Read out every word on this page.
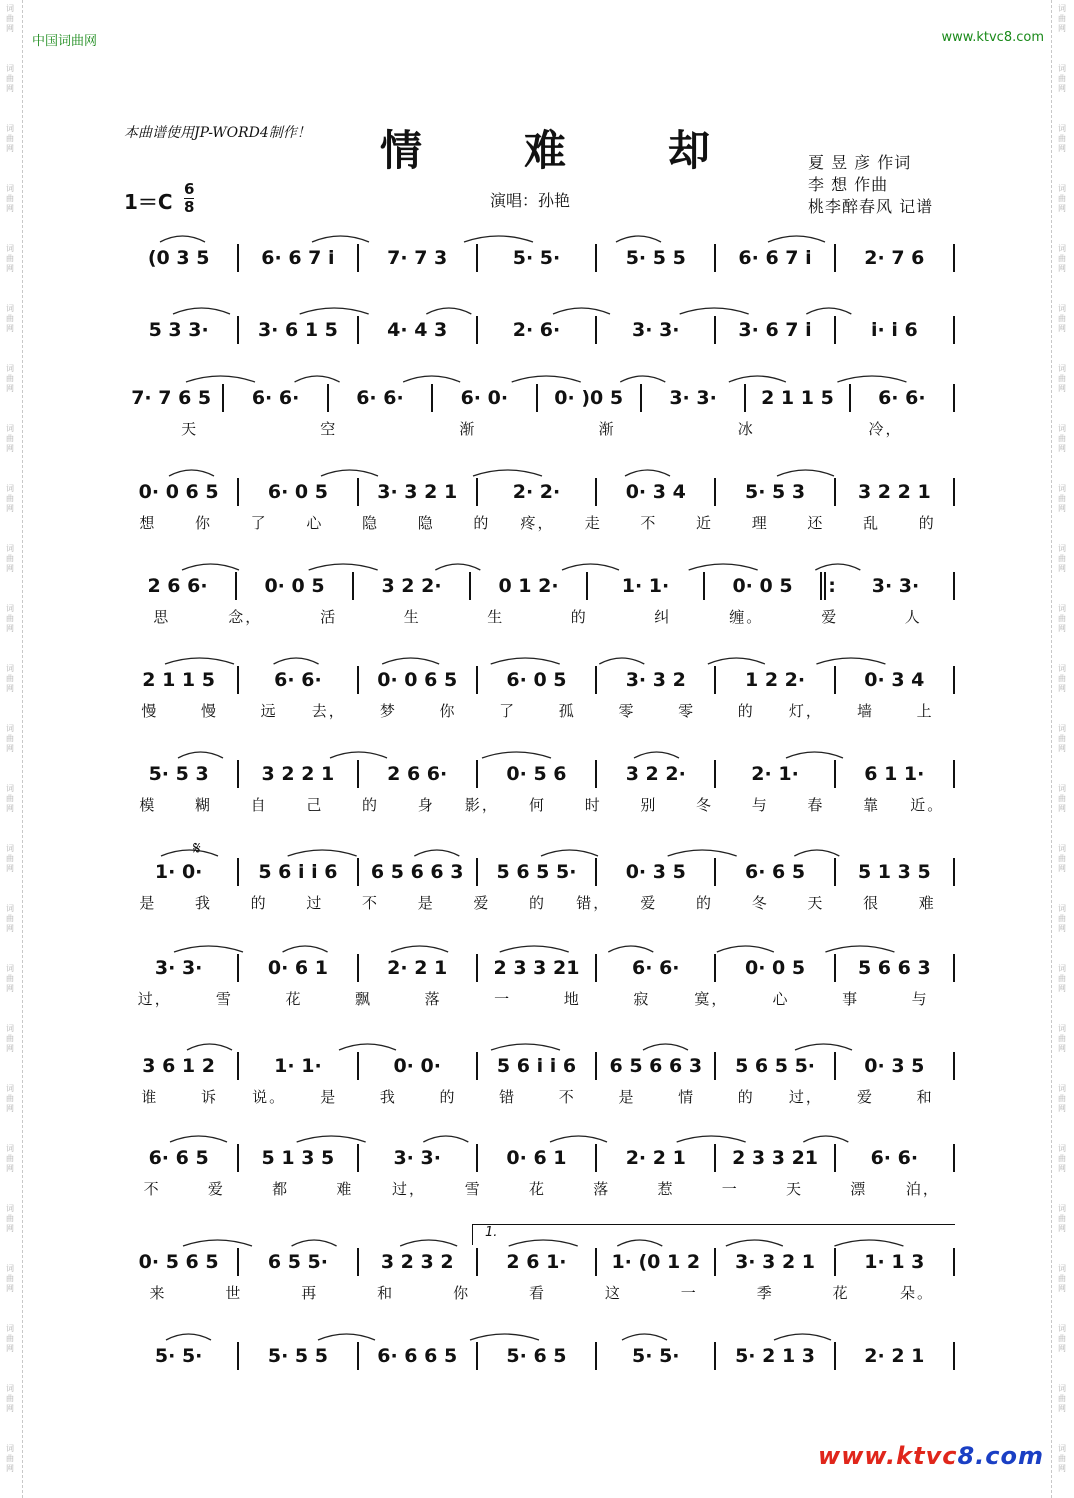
词
曲
网
词
曲
网
词
曲
网
词
曲
网
词
曲
网
词
曲
网
词
曲
网
词
曲
网
词
曲
网
词
曲
网
词
曲
网
词
曲
网
词
曲
网
词
曲
网
词
曲
网
词
曲
网
词
曲
网
词
曲
网
词
曲
网
词
曲
网
词
曲
网
词
曲
网
词
曲
网
词
曲
网
词
曲
网
词
曲
网
词
曲
网
词
曲
网
词
曲
网
词
曲
网
词
曲
网
词
曲
网
词
曲
网
词
曲
网
词
曲
网
词
曲
网
词
曲
网
词
曲
网
词
曲
网
词
曲
网
词
曲
网
词
曲
网
词
曲
网
词
曲
网
词
曲
网
词
曲
网
词
曲
网
词
曲
网
词
曲
网
词
曲
网
中国词曲网	www.ktvc8.com
本曲谱使用JP-WORD4制作！ 情 难 却	夏 昱 彦 作词
李 想 作曲
桃李醉春风 记谱
1＝C
6
8	演唱：孙艳
(0 3 5	6· 6 7 i	7· 7 3	5· 5·	5· 5 5	6· 6 7 i	2· 7 6
5 3 3·	3· 6 1 5	4· 4 3	2· 6·	3· 3·	3· 6 7 i	i· i 6
7· 7 6 5	6· 6·	6· 6·	6· 0·	0· )0 5	3· 3·	2 1 1 5	6· 6·
天	空	渐	渐	冰	冷，
0· 0 6 5	6· 0 5	3· 3 2 1	2· 2·	0· 3 4	5· 5 3	3 2 2 1
想	你	了	心	隐	隐	的	疼，	走	不	近	理	还	乱	的
2 6 6·	0· 0 5	3 2 2·	0 1 2·	1· 1·	0· 0 5	:	3· 3·
思	念，	活	生	生	的	纠	缠。	爱	人
2 1 1 5	6· 6·	0· 0 6 5	6· 0 5	3· 3 2	1 2 2·	0· 3 4
慢	慢	远	去，	梦	你	了	孤	零	零	的	灯，	墙	上
5· 5 3	3 2 2 1	2 6 6·	0· 5 6	3 2 2·	2· 1·	6 1 1·
模	糊	自	己	的	身	影，	何	时	别	冬	与	春	靠	近。
1· 0·	5 6 i i 6	6 5 6 6 3	5 6 5 5·	0· 3 5	6· 6 5	5 1 3 5
是	我	的	过	不	是	爱	的	错，	爱	的	冬	天	很	难
3· 3·	0· 6 1	2· 2 1	2 3 3 21	6· 6·	0· 0 5	5 6 6 3
过，	雪	花	飘	落	一	地	寂	寞，	心	事	与
3 6 1 2	1· 1·	0· 0·	5 6 i i 6	6 5 6 6 3	5 6 5 5·	0· 3 5
谁	诉	说。	是	我	的	错	不	是	情	的	过，	爱	和
6· 6 5	5 1 3 5	3· 3·	0· 6 1	2· 2 1	2 3 3 21	6· 6·
不	爱	都	难	过，	雪	花	落	惹	一	天	漂	泊，
0· 5 6 5	6 5 5·	3 2 3 2	2 6 1·	1· (0 1 2	3· 3 2 1	1· 1 3
来	世	再	和	你	看	这	一	季	花	朵。
5· 5·	5· 5 5	6· 6 6 5	5· 6 5	5· 5·	5· 2 1 3	2· 2 1
𝄋
1.
www.ktvc8.com
